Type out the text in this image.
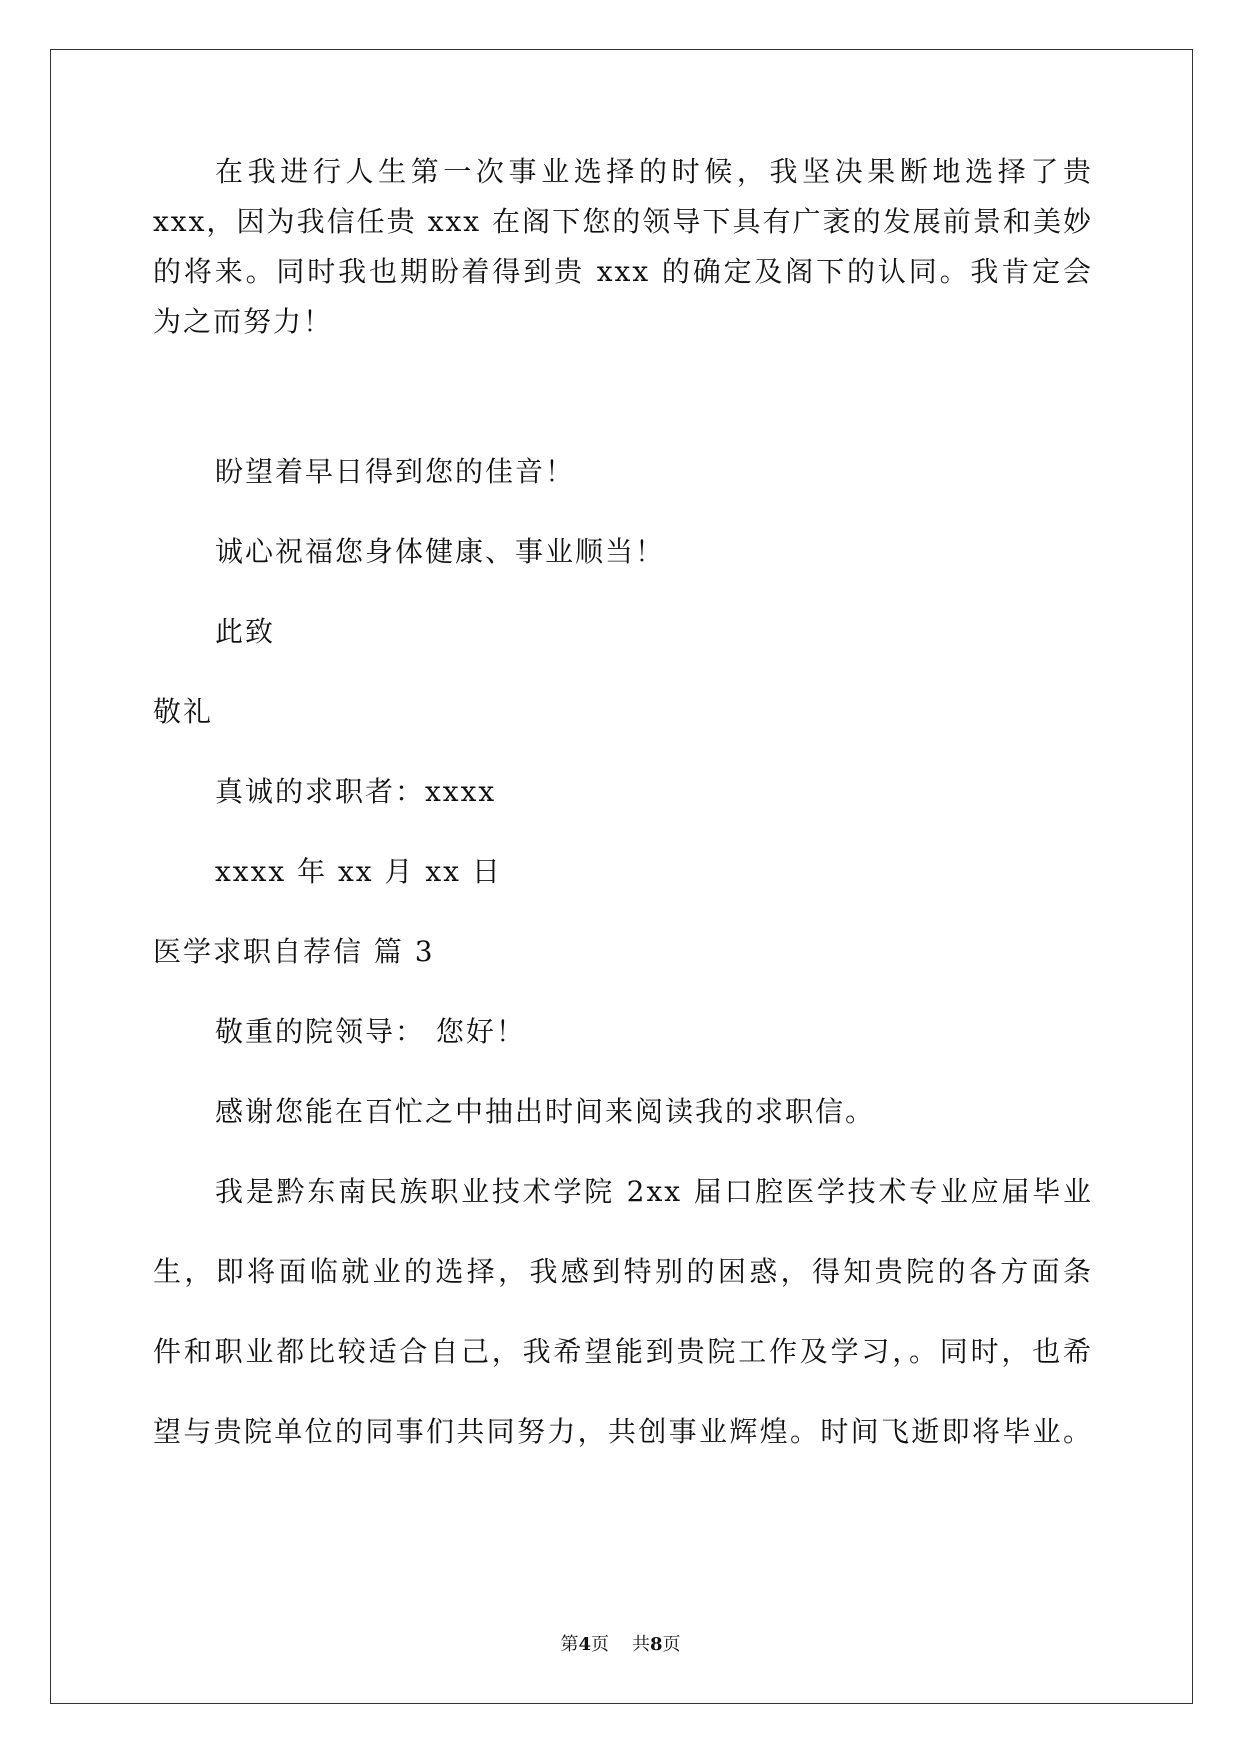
在我进行人生第一次事业选择的时候，我坚决果断地选择了贵
xxx，因为我信任贵 xxx 在阁下您的领导下具有广袤的发展前景和美妙
的将来。同时我也期盼着得到贵 xxx 的确定及阁下的认同。我肯定会
为之而努力！
盼望着早日得到您的佳音！
诚心祝福您身体健康、事业顺当！
此致
敬礼
真诚的求职者：xxxx
xxxx 年 xx 月 xx 日
医学求职自荐信 篇 3
敬重的院领导： 您好！
感谢您能在百忙之中抽出时间来阅读我的求职信。
我是黔东南民族职业技术学院 2xx 届口腔医学技术专业应届毕业
生，即将面临就业的选择，我感到特别的困惑，得知贵院的各方面条
件和职业都比较适合自己，我希望能到贵院工作及学习，。同时，也希
望与贵院单位的同事们共同努力，共创事业辉煌。时间飞逝即将毕业。
第4页 共8页
